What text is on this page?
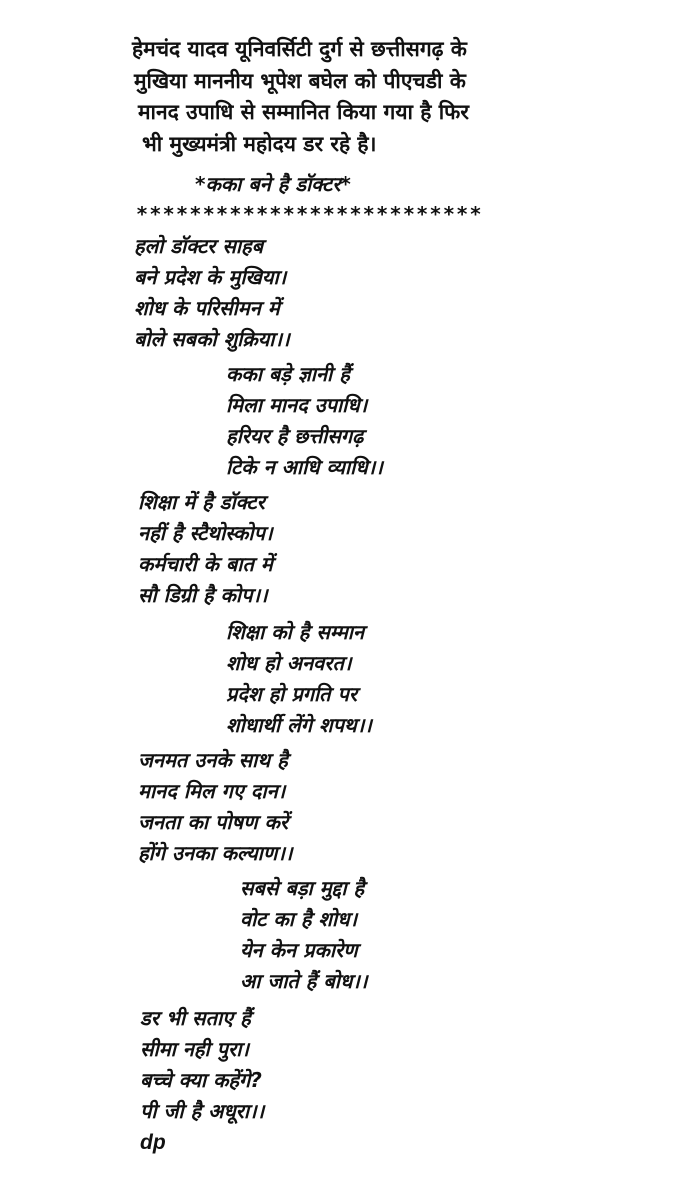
हेमचंद यादव यूनिवर्सिटी दुर्ग से छत्तीसगढ़ के
मुखिया माननीय भूपेश बघेल को पीएचडी के
मानद उपाधि से सम्मानित किया गया है फिर
भी मुख्यमंत्री महोदय डर रहे है।
*कका बने है डॉक्टर*
**************************
हलो डॉक्टर साहब
बने प्रदेश के मुखिया।
शोध के परिसीमन में
बोले सबको शुक्रिया।।
कका बड़े ज्ञानी हैं
मिला मानद उपाधि।
हरियर है छत्तीसगढ़
टिके न आधि व्याधि।।
शिक्षा में है डॉक्टर
नहीं है स्टैथोस्कोप।
कर्मचारी के बात में
सौ डिग्री है कोप।।
शिक्षा को है सम्मान
शोध हो अनवरत।
प्रदेश हो प्रगति पर
शोधार्थी लेंगे शपथ।।
जनमत उनके साथ है
मानद मिल गए दान।
जनता का पोषण करें
होंगे उनका कल्याण।।
सबसे बड़ा मुद्दा है
वोट का है शोध।
येन केन प्रकारेण
आ जाते हैं बोध।।
डर भी सताए हैं
सीमा नही पुरा।
बच्चे क्या कहेंगे?
पी जी है अधूरा।।
dp
